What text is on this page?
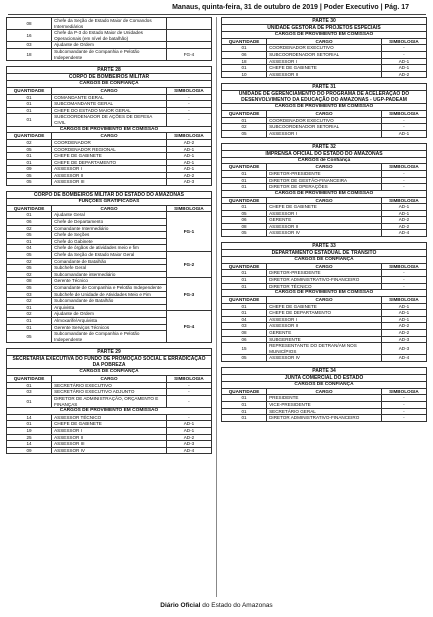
Manaus, quinta-feira, 31 de outubro de 2019 | Poder Executivo | Pág. 17
08	Chefe da Seção de Estado Maior de Comandos Intermediários	
16	Chefe da P-3 do Estado Maior de Unidades Operacionais (em nível de batalhão)	
03	Ajudante de Ordem	
18	Subcomandante de Companhia e Pelotão Independente	FG-4
PARTE 28		
CORPO DE BOMBEIROS MILITAR		
CARGOS DE CONFIANÇA		
QUANTIDADE	CARGO	SIMBOLOGIA
01	COMANDANTE GERAL	-
01	SUBCOMANDANTE GERAL	-
01	CHEFE DO ESTADO MAIOR GERAL	-
01	SUBCOORDENADOR DE AÇÕES DE DEFESA CIVIL	-
CARGOS DE PROVIMENTO EM COMISSÃO		
QUANTIDADE	CARGO	SIMBOLOGIA
02	COORDENADOR	AD-2
05	COORDENADOR REGIONAL	AD-1
01	CHEFE DE GABINETE	AD-1
01	CHEFE DE DEPARTAMENTO	AD-1
09	ASSESSOR I	AD-1
05	ASSESSOR II	AD-2
05	ASSESSOR III	AD-3
CORPO DE BOMBEIROS MILITAR DO ESTADO DO AMAZONAS		
FUNÇÕES GRATIFICADAS		
QUANTIDADE	CARGO	SIMBOLOGIA
01	Ajudante Geral	FG-1
06	Chefe de Departamento	
02	Comandante Intermediário	
05	Chefe de Seções	
01	Chefe do Gabinete	
04	Chefe de órgãos de atividades meio e fim	
05	Chefe da Seção de Estado Maior Geral	FG-2
02	Comandante de Batalhão	
05	Subchefe Geral	
02	Subcomandante intermediário	
08	Gerente Técnico	FG-3
05	Comandante de Companhia e Pelotão Independente	
03	Subchefe de Unidade de Atividades Meio e Fim	
02	Subcomandante de Batalhão	
01	Arquivista	
02	Ajudante de Ordem	FG-4
01	Almoxarife/Arquivista	
01	Gerente Serviços Técnicos	
05	Subcomandante de Companhia e Pelotão Independente	
PARTE 29		
SECRETARIA EXECUTIVA DO FUNDO DE PROMOÇÃO SOCIAL E ERRADICAÇÃO DA POBREZA		
CARGOS DE CONFIANÇA		
QUANTIDADE	CARGO	SIMBOLOGIA
01	SECRETÁRIO EXECUTIVO	-
03	SECRETÁRIO EXECUTIVO ADJUNTO	-
01	DIRETOR DE ADMINISTRAÇÃO, ORÇAMENTO E FINANÇAS	-
CARGOS DE PROVIMENTO EM COMISSÃO		
14	ASSESSOR TÉCNICO	-
01	CHEFE DE GABINETE	AD-1
19	ASSESSOR I	AD-1
25	ASSESSOR II	AD-2
14	ASSESSOR III	AD-3
09	ASSESSOR IV	AD-4
PARTE 30		
UNIDADE GESTORA DE PROJETOS ESPECIAIS		
CARGOS DE PROVIMENTO EM COMISSÃO		
QUANTIDADE	CARGO	SIMBOLOGIA
01	COORDENADOR EXECUTIVO	-
06	SUBCOORDENADOR SETORIAL	-
18	ASSESSOR I	AD-1
01	CHEFE DE GABINETE	AD-1
10	ASSESSOR II	AD-2
PARTE 31		
UNIDADE DE GERENCIAMENTO DO PROGRAMA DE ACELERAÇÃO DO DESENVOLVIMENTO DA EDUCAÇÃO DO AMAZONAS - UGP-PADEAM		
CARGOS DE PROVIMENTO EM COMISSÃO		
QUANTIDADE	CARGO	SIMBOLOGIA
01	COORDENADOR EXECUTIVO	-
02	SUBCOORDENADOR SETORIAL	-
05	ASSESSOR I	AD-1
PARTE 32		
IMPRENSA OFICIAL DO ESTADO DO AMAZONAS		
CARGOS de Confiança		
QUANTIDADE	CARGO	SIMBOLOGIA
01	DIRETOR-PRESIDENTE	-
01	DIRETOR DE GESTÃO-FINANCEIRA	-
01	DIRETOR DE OPERAÇÕES	-
CARGOS DE PROVIMENTO EM COMISSÃO		
QUANTIDADE	CARGO	SIMBOLOGIA
01	CHEFE DE GABINETE	AD-1
05	ASSESSOR I	AD-1
06	GERENTE	AD-2
08	ASSESSOR II	AD-2
05	ASSESSOR IV	AD-4
PARTE 33		
DEPARTAMENTO ESTADUAL DE TRÂNSITO		
CARGOS DE CONFIANÇA		
QUANTIDADE	CARGO	SIMBOLOGIA
01	DIRETOR-PRESIDENTE	-
01	DIRETOR ADMINISTRATIVO-FINANCEIRO	-
01	DIRETOR TÉCNICO	-
CARGOS DE PROVIMENTO EM COMISSÃO		
QUANTIDADE	CARGO	SIMBOLOGIA
01	CHEFE DE GABINETE	AD-1
01	CHEFE DE DEPARTAMENTO	AD-1
04	ASSESSOR I	AD-1
03	ASSESSOR II	AD-2
08	GERENTE	AD-2
06	SUBGERENTE	AD-3
15	REPRESENTANTE DO DETRAN/AM NOS MUNICÍPIOS	AD-3
05	ASSESSOR IV	AD-4
PARTE 34		
JUNTA COMERCIAL DO ESTADO		
CARGOS DE CONFIANÇA		
QUANTIDADE	CARGO	SIMBOLOGIA
01	PRESIDENTE	-
01	VICE-PRESIDENTE	-
01	SECRETÁRIO GERAL	-
01	DIRETOR ADMINISTRATIVO-FINANCEIRO	-
Diário Oficial do Estado do Amazonas
